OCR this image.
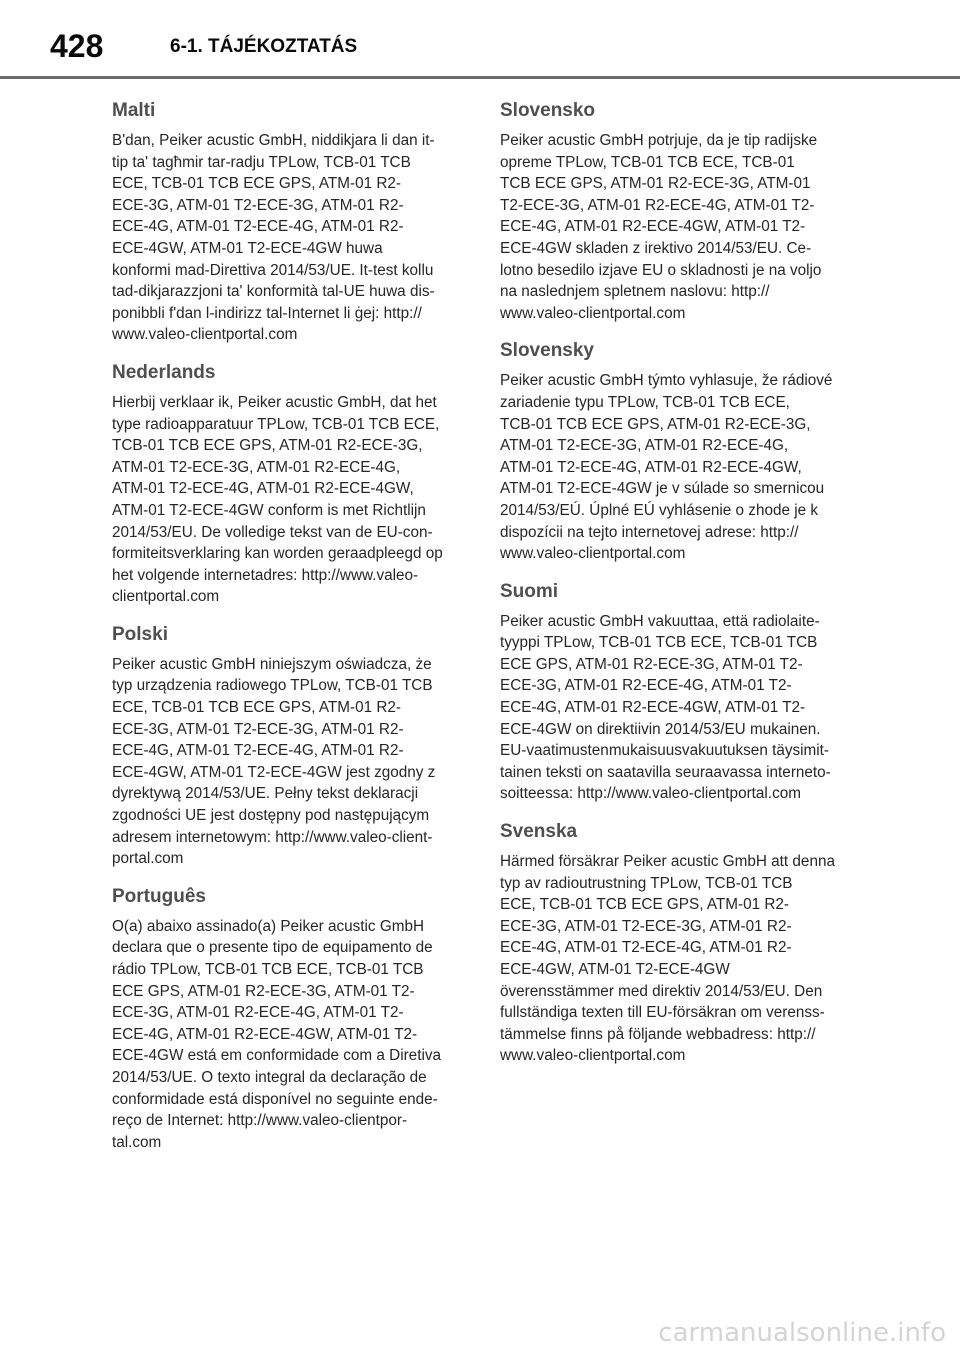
428	6-1. TÁJÉKOZTATÁS
Malti

B'dan, Peiker acustic GmbH, niddikjara li dan it-
tip ta' tagħmir tar-radju TPLow, TCB-01 TCB
ECE, TCB-01 TCB ECE GPS, ATM-01 R2-
ECE-3G, ATM-01 T2-ECE-3G, ATM-01 R2-
ECE-4G, ATM-01 T2-ECE-4G, ATM-01 R2-
ECE-4GW, ATM-01 T2-ECE-4GW huwa
konformi mad-Direttiva 2014/53/UE. It-test kollu
tad-dikjarazzjoni ta' konformità tal-UE huwa dis-
ponibbli f'dan l-indirizz tal-Internet li ġej: http://
www.valeo-clientportal.com

Nederlands

Hierbij verklaar ik, Peiker acustic GmbH, dat het
type radioapparatuur TPLow, TCB-01 TCB ECE,
TCB-01 TCB ECE GPS, ATM-01 R2-ECE-3G,
ATM-01 T2-ECE-3G, ATM-01 R2-ECE-4G,
ATM-01 T2-ECE-4G, ATM-01 R2-ECE-4GW,
ATM-01 T2-ECE-4GW conform is met Richtlijn
2014/53/EU. De volledige tekst van de EU-con-
formiteitsverklaring kan worden geraadpleegd op
het volgende internetadres: http://www.valeo-
clientportal.com

Polski

Peiker acustic GmbH niniejszym oświadcza, że
typ urządzenia radiowego TPLow, TCB-01 TCB
ECE, TCB-01 TCB ECE GPS, ATM-01 R2-
ECE-3G, ATM-01 T2-ECE-3G, ATM-01 R2-
ECE-4G, ATM-01 T2-ECE-4G, ATM-01 R2-
ECE-4GW, ATM-01 T2-ECE-4GW jest zgodny z
dyrektywą 2014/53/UE. Pełny tekst deklaracji
zgodności UE jest dostępny pod następującym
adresem internetowym: http://www.valeo-client-
portal.com

Português

O(a) abaixo assinado(a) Peiker acustic GmbH
declara que o presente tipo de equipamento de
rádio TPLow, TCB-01 TCB ECE, TCB-01 TCB
ECE GPS, ATM-01 R2-ECE-3G, ATM-01 T2-
ECE-3G, ATM-01 R2-ECE-4G, ATM-01 T2-
ECE-4G, ATM-01 R2-ECE-4GW, ATM-01 T2-
ECE-4GW está em conformidade com a Diretiva
2014/53/UE. O texto integral da declaração de
conformidade está disponível no seguinte ende-
reço de Internet: http://www.valeo-clientpor-
tal.com

Slovensko

Peiker acustic GmbH potrjuje, da je tip radijske
opreme TPLow, TCB-01 TCB ECE, TCB-01
TCB ECE GPS, ATM-01 R2-ECE-3G, ATM-01
T2-ECE-3G, ATM-01 R2-ECE-4G, ATM-01 T2-
ECE-4G, ATM-01 R2-ECE-4GW, ATM-01 T2-
ECE-4GW skladen z irektivo 2014/53/EU. Ce-
lotno besedilo izjave EU o skladnosti je na voljo
na naslednjem spletnem naslovu: http://
www.valeo-clientportal.com

Slovensky

Peiker acustic GmbH týmto vyhlasuje, že rádiové
zariadenie typu TPLow, TCB-01 TCB ECE,
TCB-01 TCB ECE GPS, ATM-01 R2-ECE-3G,
ATM-01 T2-ECE-3G, ATM-01 R2-ECE-4G,
ATM-01 T2-ECE-4G, ATM-01 R2-ECE-4GW,
ATM-01 T2-ECE-4GW je v súlade so smernicou
2014/53/EÚ. Úplné EÚ vyhlásenie o zhode je k
dispozícii na tejto internetovej adrese: http://
www.valeo-clientportal.com

Suomi

Peiker acustic GmbH vakuuttaa, että radiolaite-
tyyppi TPLow, TCB-01 TCB ECE, TCB-01 TCB
ECE GPS, ATM-01 R2-ECE-3G, ATM-01 T2-
ECE-3G, ATM-01 R2-ECE-4G, ATM-01 T2-
ECE-4G, ATM-01 R2-ECE-4GW, ATM-01 T2-
ECE-4GW on direktiivin 2014/53/EU mukainen.
EU-vaatimustenmukaisuusvakuutuksen täysimit-
tainen teksti on saatavilla seuraavassa interneto-
soitteessa: http://www.valeo-clientportal.com

Svenska

Härmed försäkrar Peiker acustic GmbH att denna
typ av radioutrustning TPLow, TCB-01 TCB
ECE, TCB-01 TCB ECE GPS, ATM-01 R2-
ECE-3G, ATM-01 T2-ECE-3G, ATM-01 R2-
ECE-4G, ATM-01 T2-ECE-4G, ATM-01 R2-
ECE-4GW, ATM-01 T2-ECE-4GW
överensstämmer med direktiv 2014/53/EU. Den
fullständiga texten till EU-försäkran om verenss-
tämmelse finns på följande webbadress: http://
www.valeo-clientportal.com

carmanualsonline.info
